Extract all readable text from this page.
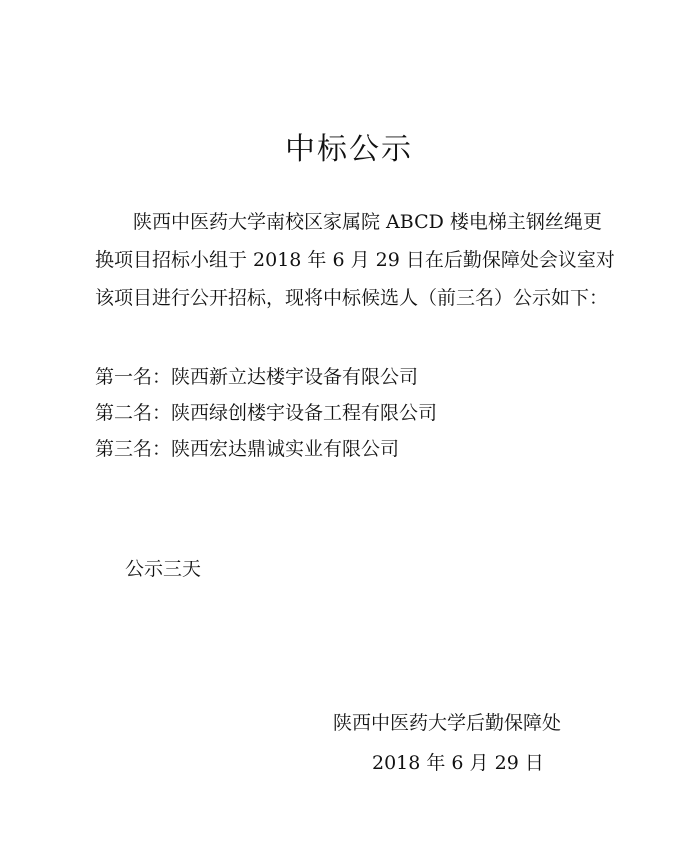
中标公示
陕西中医药大学南校区家属院 ABCD 楼电梯主钢丝绳更换项目招标小组于 2018 年 6 月 29 日在后勤保障处会议室对该项目进行公开招标，现将中标候选人（前三名）公示如下：
第一名：陕西新立达楼宇设备有限公司
第二名：陕西绿创楼宇设备工程有限公司
第三名：陕西宏达鼎诚实业有限公司
公示三天
陕西中医药大学后勤保障处
2018 年 6 月 29 日
